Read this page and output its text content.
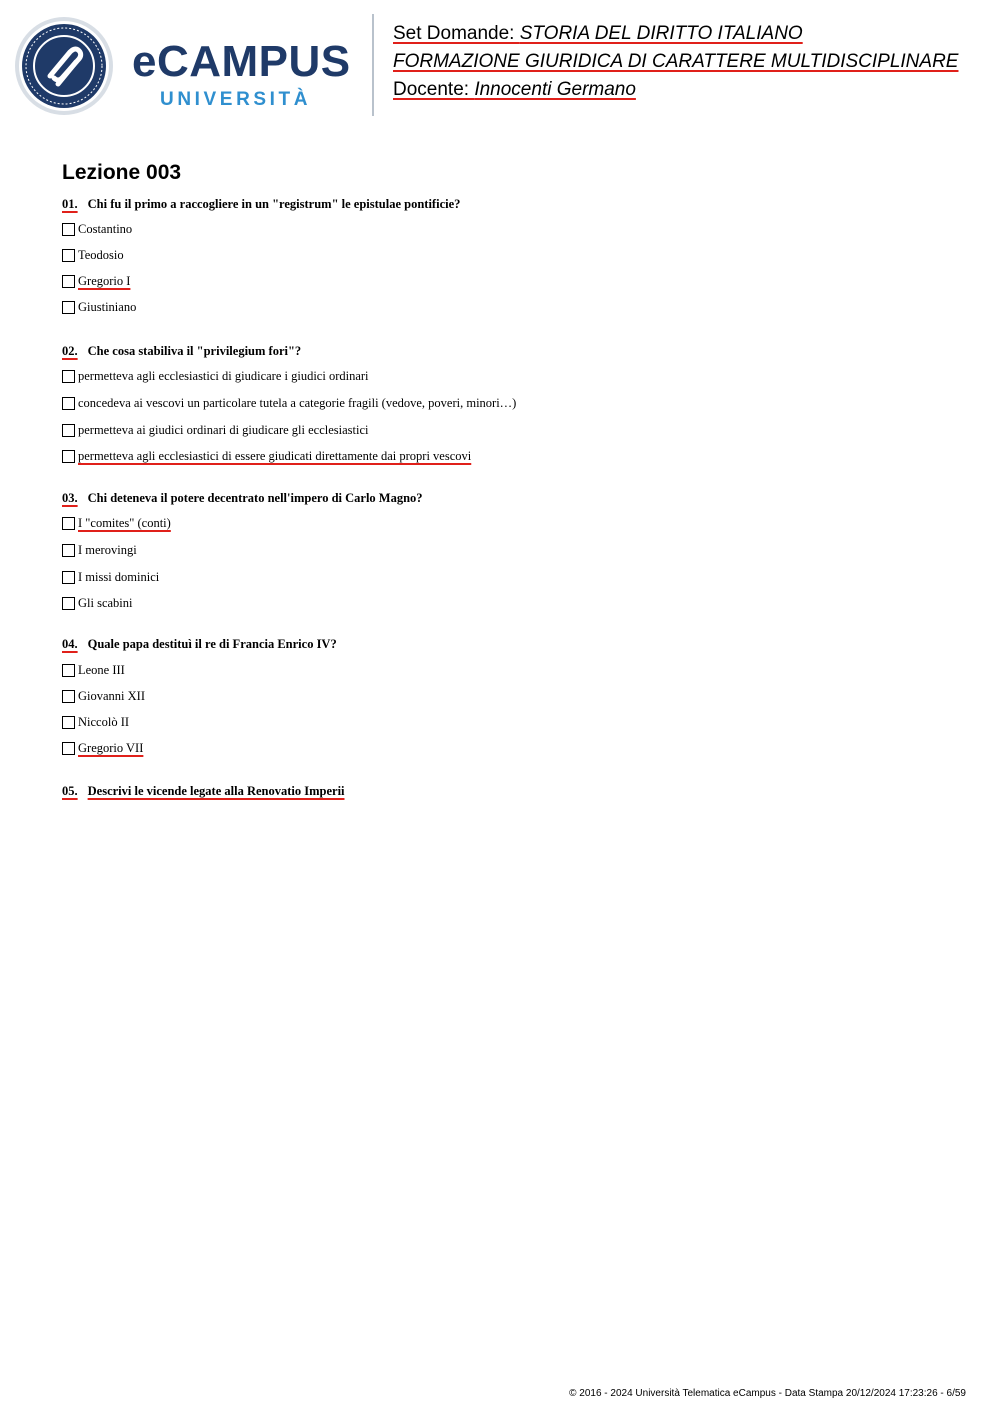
eCAMPUS
UNIVERSITÀ
Set Domande: STORIA DEL DIRITTO ITALIANO
FORMAZIONE GIURIDICA DI CARATTERE MULTIDISCIPLINARE
Docente: Innocenti Germano
Lezione 003
01. Chi fu il primo a raccogliere in un "registrum" le epistulae pontificie?
Costantino
Teodosio
Gregorio I
Giustiniano
02. Che cosa stabiliva il "privilegium fori"?
permetteva agli ecclesiastici di giudicare i giudici ordinari
concedeva ai vescovi un particolare tutela a categorie fragili (vedove, poveri, minori…)
permetteva ai giudici ordinari di giudicare gli ecclesiastici
permetteva agli ecclesiastici di essere giudicati direttamente dai propri vescovi
03. Chi deteneva il potere decentrato nell'impero di Carlo Magno?
I "comites" (conti)
I merovingi
I missi dominici
Gli scabini
04. Quale papa destituì il re di Francia Enrico IV?
Leone III
Giovanni XII
Niccolò II
Gregorio VII
05. Descrivi le vicende legate alla Renovatio Imperii
© 2016 - 2024 Università Telematica eCampus - Data Stampa 20/12/2024 17:23:26 - 6/59
